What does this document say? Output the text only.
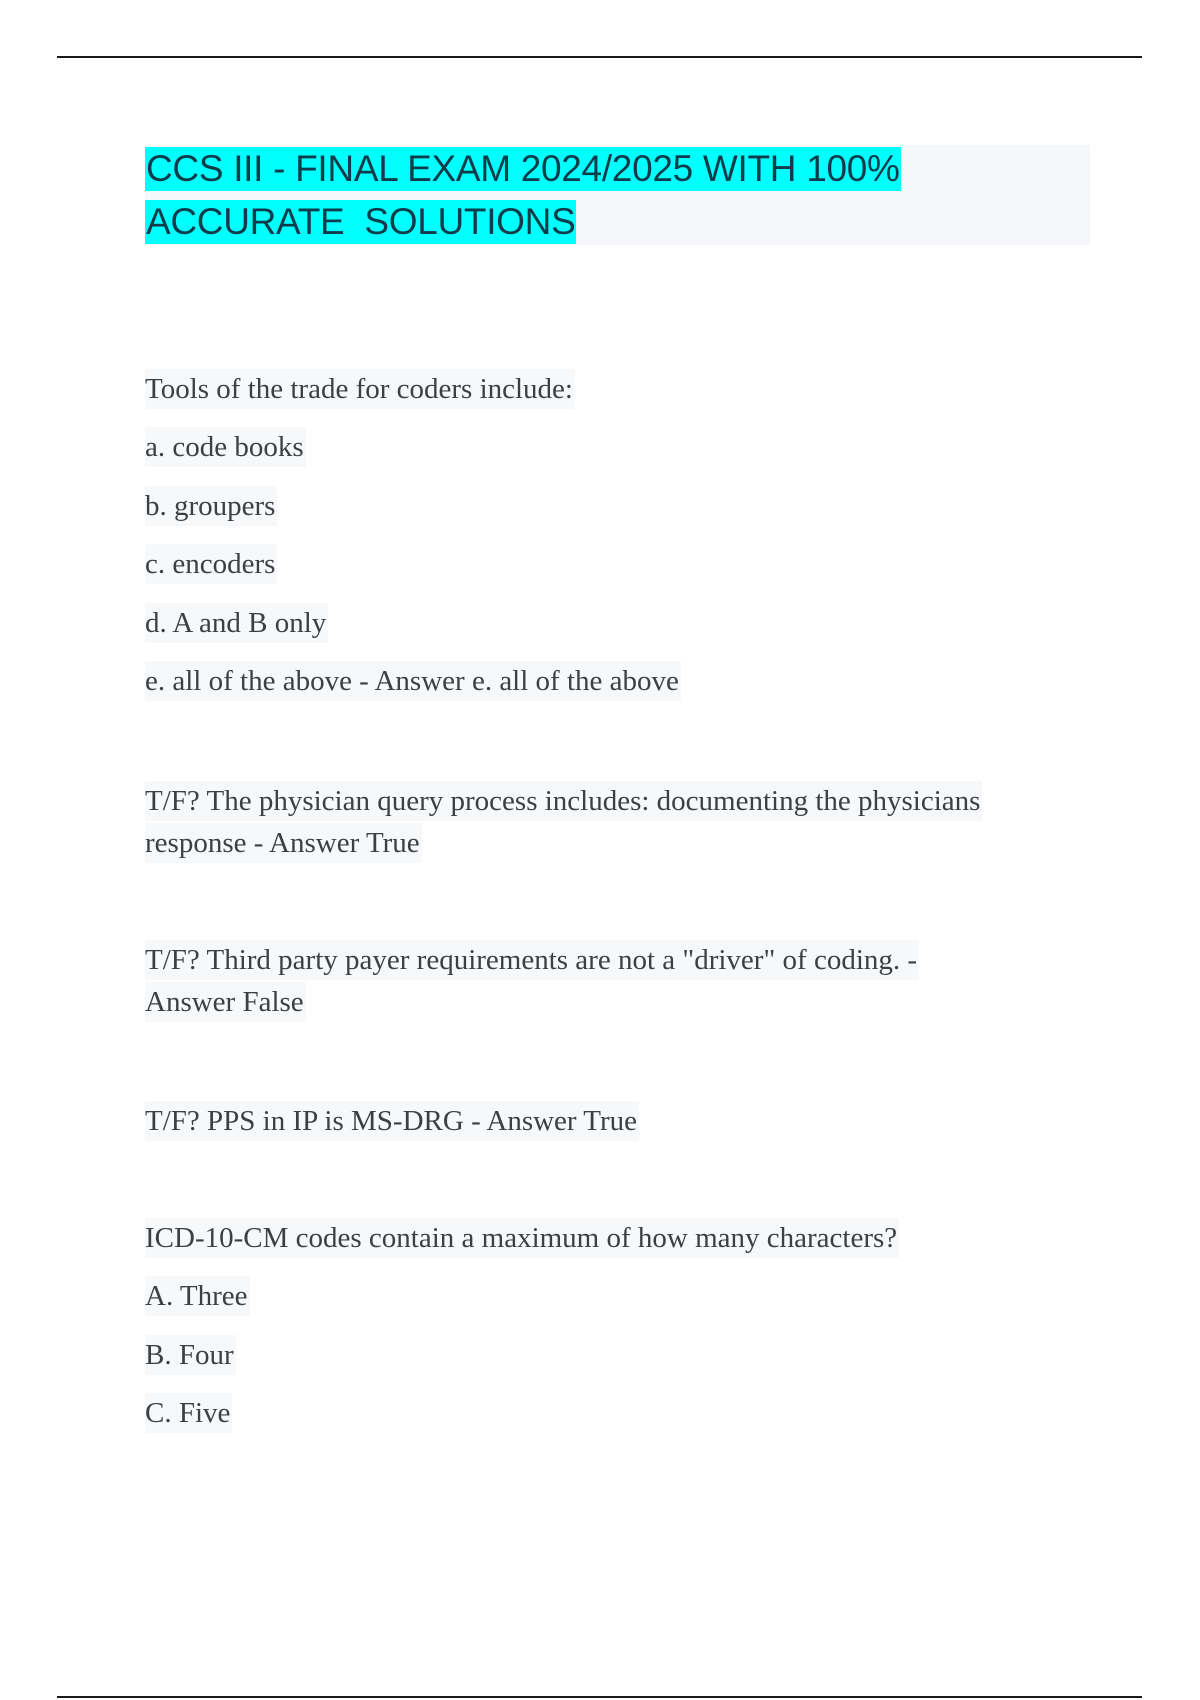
CCS III - FINAL EXAM 2024/2025 WITH 100%
ACCURATE  SOLUTIONS
Tools of the trade for coders include:
a. code books
b. groupers
c. encoders
d. A and B only
e. all of the above - Answer e. all of the above
T/F? The physician query process includes: documenting the physicians
response - Answer True
T/F? Third party payer requirements are not a "driver" of coding. -
Answer False
T/F? PPS in IP is MS-DRG - Answer True
ICD-10-CM codes contain a maximum of how many characters?
A. Three
B. Four
C. Five
